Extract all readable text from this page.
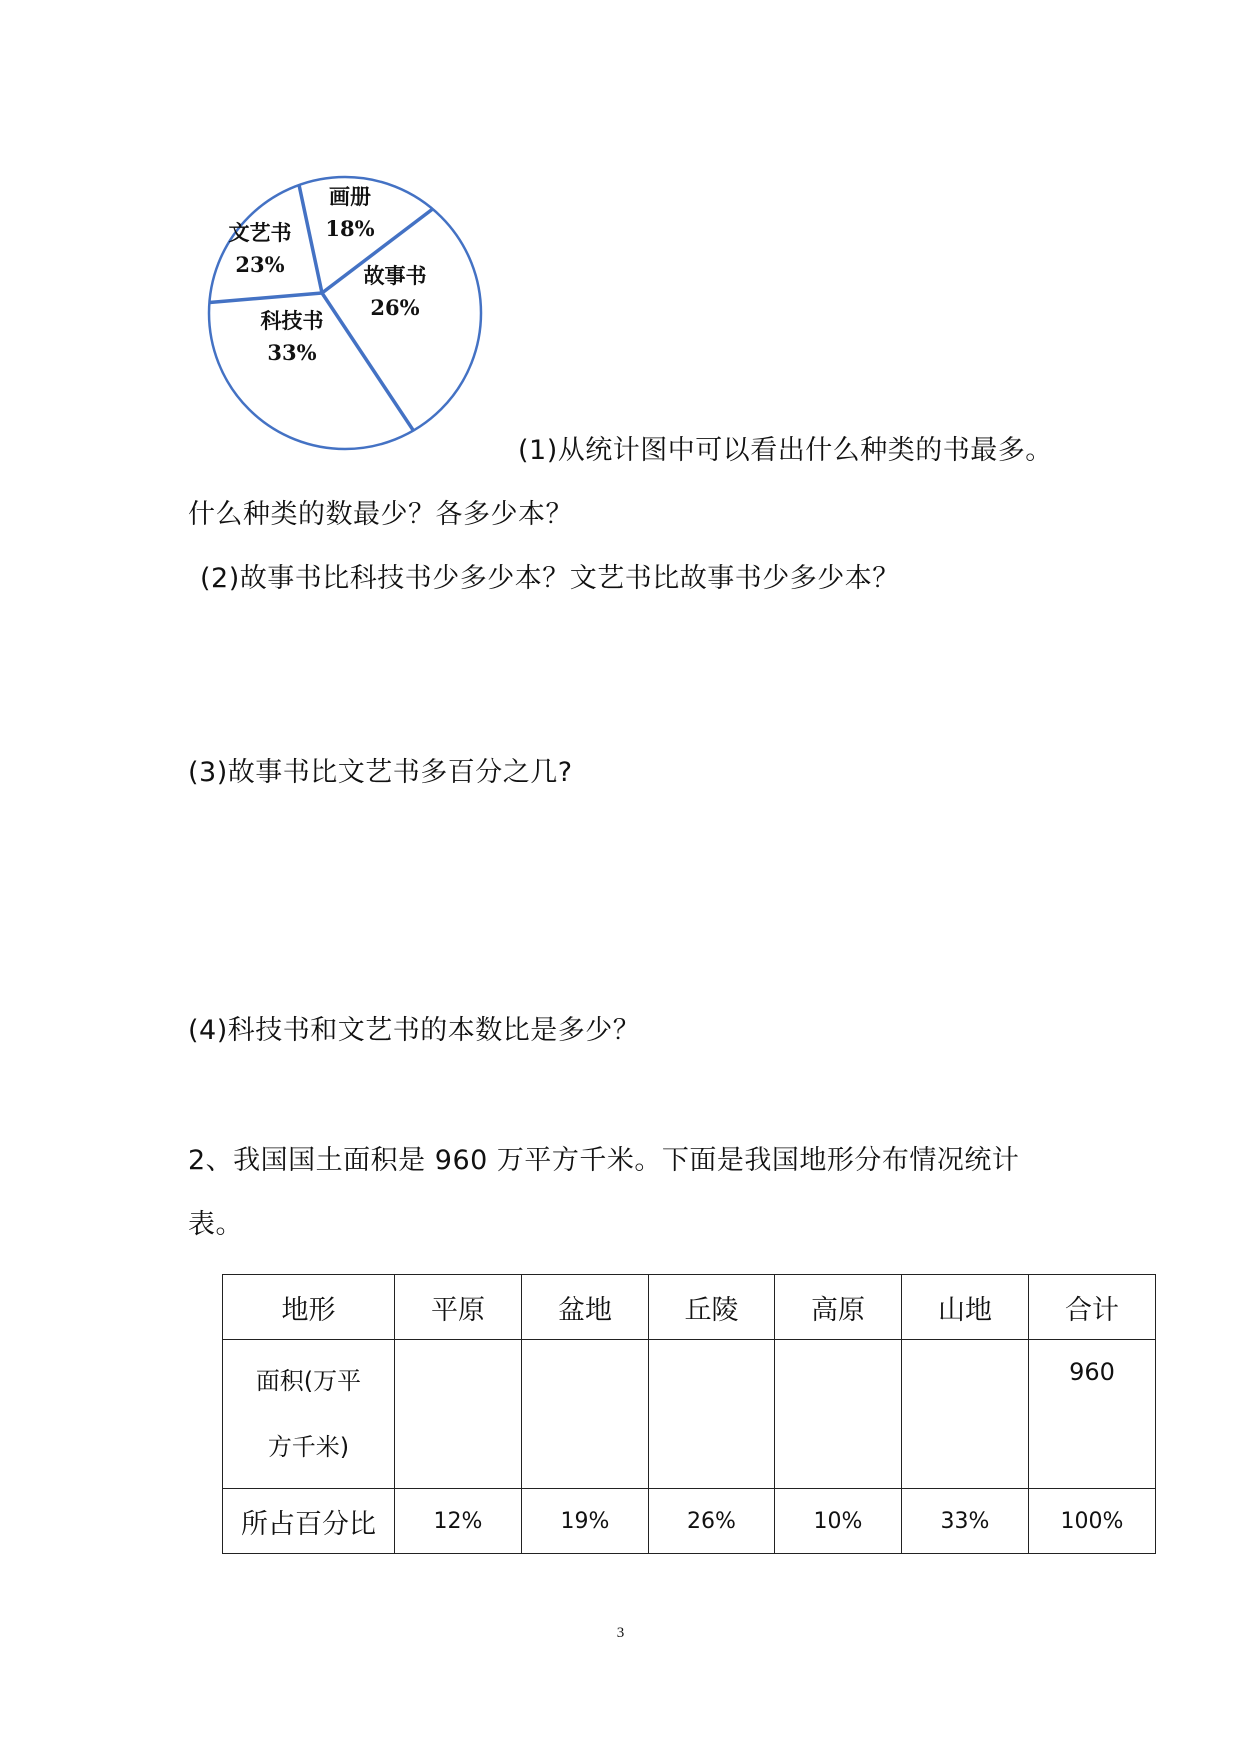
画册
18%
故事书
26%
科技书
33%
文艺书
23%
(1)从统计图中可以看出什么种类的书最多。
什么种类的数最少？各多少本？
(2)故事书比科技书少多少本？文艺书比故事书少多少本？
(3)故事书比文艺书多百分之几?
(4)科技书和文艺书的本数比是多少？
2、我国国土面积是 960 万平方千米。下面是我国地形分布情况统计
表。
地形	平原	盆地	丘陵	高原	山地	合计

面积(万平
方千米)						960
所占百分比	12%	19%	26%	10%	33%	100%
3
